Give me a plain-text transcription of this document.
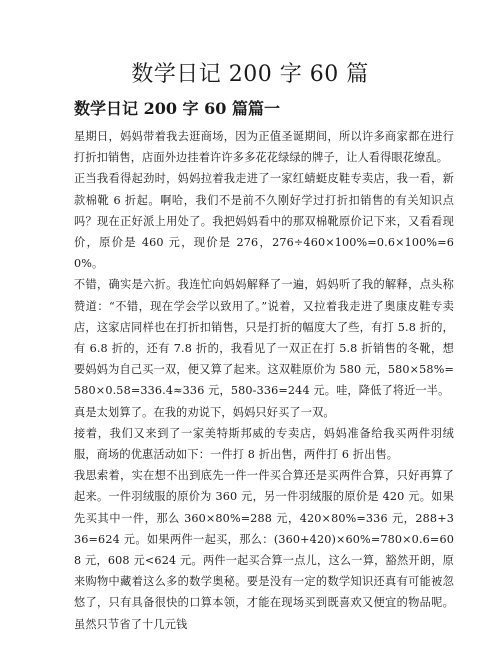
数学日记 200 字 60 篇
数学日记 200 字 60 篇篇一

星期日，妈妈带着我去逛商场，因为正值圣诞期间，所以许多商家都在进行打折扣销售，店面外边挂着许许多多花花绿绿的牌子，让人看得眼花缭乱。

正当我看得起劲时，妈妈拉着我走进了一家红蜻蜓皮鞋专卖店，我一看，新款棉靴 6 折起。啊哈，我们不是前不久刚好学过打折扣销售的有关知识点吗？现在正好派上用处了。我把妈妈看中的那双棉靴原价记下来，又看看现价，原价是 460 元，现价是 276，276÷460×100%=0.6×100%=60%。

不错，确实是六折。我连忙向妈妈解释了一遍，妈妈听了我的解释，点头称赞道：“不错，现在学会学以致用了。”说着，又拉着我走进了奥康皮鞋专卖店，这家店同样也在打折扣销售，只是打折的幅度大了些，有打 5.8 折的，有 6.8 折的，还有 7.8 折的，我看见了一双正在打 5.8 折销售的冬靴，想要妈妈为自己买一双，便又算了起来。这双鞋原价为 580 元，580×58%=580×0.58=336.4≈336 元，580-336=244 元。哇，降低了将近一半。

真是太划算了。在我的劝说下，妈妈只好买了一双。

接着，我们又来到了一家美特斯邦威的专卖店，妈妈准备给我买两件羽绒服，商场的优惠活动如下：一件打 8 折出售，两件打 6 折出售。

我思索着，实在想不出到底先一件一件买合算还是买两件合算，只好再算了起来。一件羽绒服的原价为 360 元，另一件羽绒服的原价是 420 元。如果先买其中一件，那么 360×80%=288 元，420×80%=336 元，288+336=624 元。如果两件一起买，那么：(360+420)×60%=780×0.6=608 元，608 元<624 元。两件一起买合算一点儿，这么一算，豁然开朗，原来购物中藏着这么多的数学奥秘。要是没有一定的数学知识还真有可能被忽悠了，只有具备很快的口算本领，才能在现场买到既喜欢又便宜的物品呢。虽然只节省了十几元钱
